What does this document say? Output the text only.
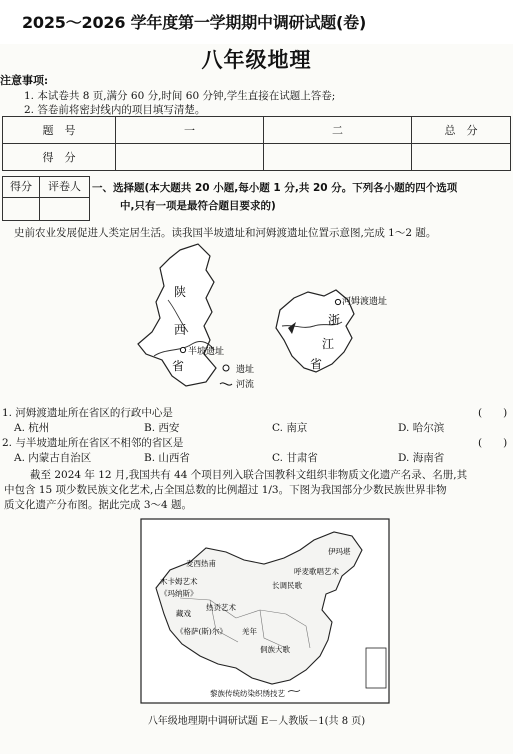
2025～2026 学年度第一学期期中调研试题(卷)
八年级地理
注意事项:
1. 本试卷共 8 页,满分 60 分,时间 60 分钟,学生直接在试题上答卷;
2. 答卷前将密封线内的项目填写清楚。
题　号	一	二	总　分
得　分			
得分	评卷人	一、选择题(本大题共 20 小题,每小题 1 分,共 20 分。下列各小题的四个选项
中,只有一项是最符合题目要求的)
史前农业发展促进人类定居生活。读我国半坡遗址和河姆渡遗址位置示意图,完成 1～2 题。
陕
西
省
半坡遗址
遗址
河流
浙
江
省
河姆渡遗址
1. 河姆渡遗址所在省区的行政中心是	(　　)
A. 杭州	B. 西安	C. 南京	D. 哈尔滨
2. 与半坡遗址所在省区不相邻的省区是	(　　)
A. 内蒙古自治区	B. 山西省	C. 甘肃省	D. 海南省
截至 2024 年 12 月,我国共有 44 个项目列入联合国教科文组织非物质文化遗产名录、名册,其
中包含 15 项少数民族文化艺术,占全国总数的比例超过 1/3。下图为我国部分少数民族世界非物
质文化遗产分布图。据此完成 3～4 题。
伊玛堪
麦西热甫
木卡姆艺术
《玛纳斯》
呼麦歌唱艺术
长调民歌
藏戏
热贡艺术
《格萨(斯)尔》 羌年
侗族大歌
黎族传统纺染织绣技艺
八年级地理期中调研试题 E－人教版－1(共 8 页)
